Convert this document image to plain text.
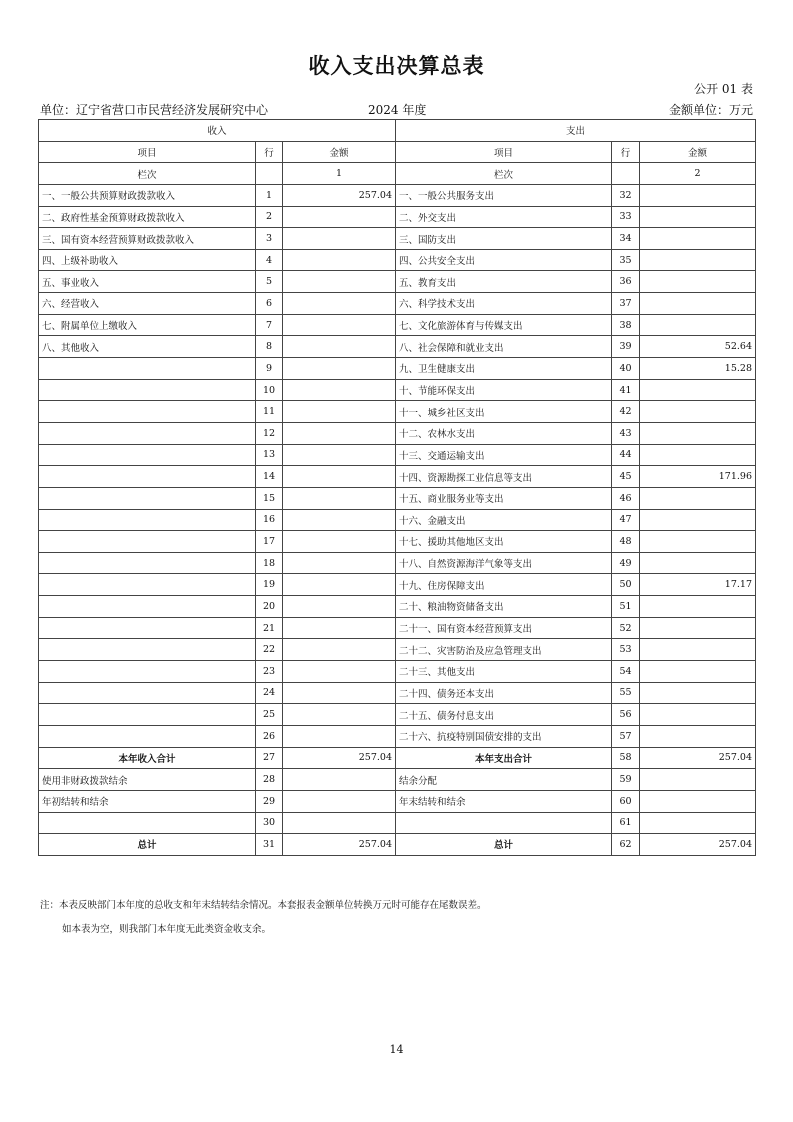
收入支出决算总表
公开 01 表
单位：辽宁省营口市民营经济发展研究中心	2024 年度	金额单位：万元
收入			支出		
项目	行	金额	项目	行	金额
栏次		1	栏次		2
一、一般公共预算财政拨款收入	1	257.04	一、一般公共服务支出	32	
二、政府性基金预算财政拨款收入	2		二、外交支出	33	
三、国有资本经营预算财政拨款收入	3		三、国防支出	34	
四、上级补助收入	4		四、公共安全支出	35	
五、事业收入	5		五、教育支出	36	
六、经营收入	6		六、科学技术支出	37	
七、附属单位上缴收入	7		七、文化旅游体育与传媒支出	38	
八、其他收入	8		八、社会保障和就业支出	39	52.64
	9		九、卫生健康支出	40	15.28
	10		十、节能环保支出	41	
	11		十一、城乡社区支出	42	
	12		十二、农林水支出	43	
	13		十三、交通运输支出	44	
	14		十四、资源勘探工业信息等支出	45	171.96
	15		十五、商业服务业等支出	46	
	16		十六、金融支出	47	
	17		十七、援助其他地区支出	48	
	18		十八、自然资源海洋气象等支出	49	
	19		十九、住房保障支出	50	17.17
	20		二十、粮油物资储备支出	51	
	21		二十一、国有资本经营预算支出	52	
	22		二十二、灾害防治及应急管理支出	53	
	23		二十三、其他支出	54	
	24		二十四、债务还本支出	55	
	25		二十五、债务付息支出	56	
	26		二十六、抗疫特别国债安排的支出	57	
本年收入合计	27	257.04	本年支出合计	58	257.04
使用非财政拨款结余	28		结余分配	59	
年初结转和结余	29		年末结转和结余	60	
	30			61	
总计	31	257.04	总计	62	257.04
注：本表反映部门本年度的总收支和年末结转结余情况。本套报表金额单位转换万元时可能存在尾数误差。
如本表为空，则我部门本年度无此类资金收支余。
14
